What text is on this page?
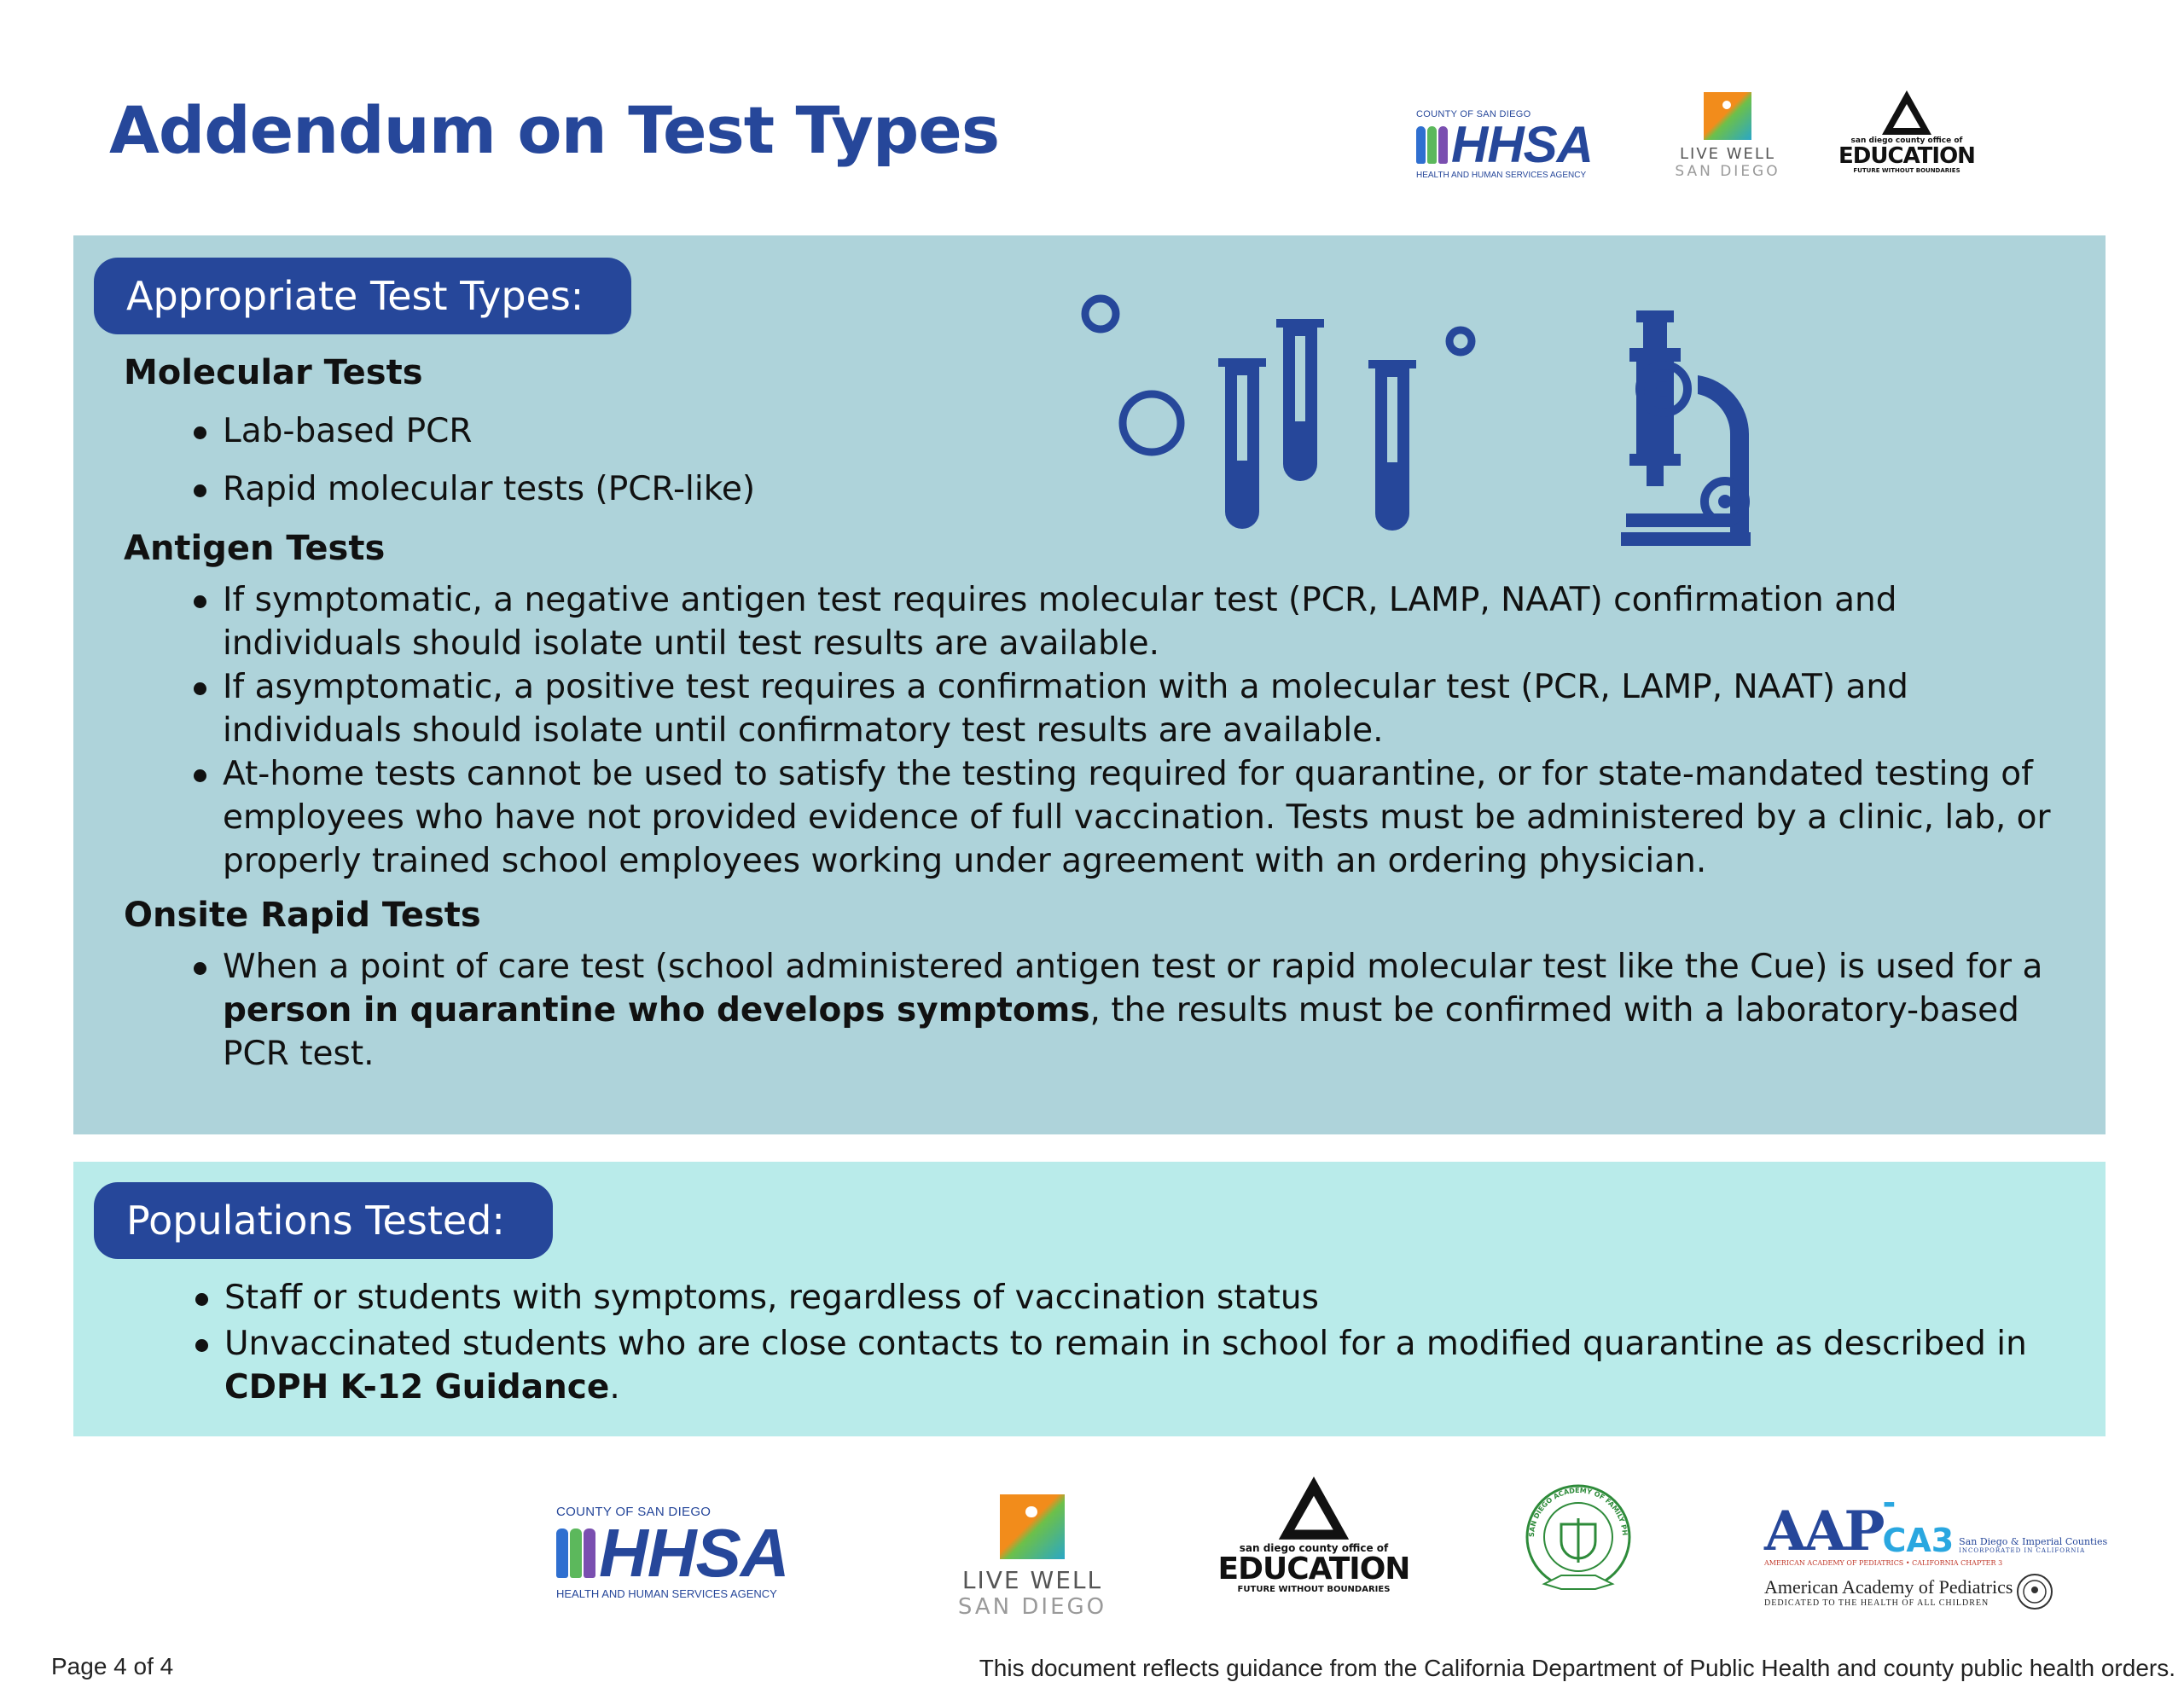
Addendum on Test Types	COUNTY OF SAN DIEGO
HHSA
HEALTH AND HUMAN SERVICES AGENCY
LIVE WELL
SAN DIEGO
san diego county office of
EDUCATION
FUTURE WITHOUT BOUNDARIES
Appropriate Test Types:
Molecular Tests
Lab-based PCR
Rapid molecular tests (PCR-like)
Antigen Tests
If symptomatic, a negative antigen test requires molecular test (PCR, LAMP, NAAT) confirmation and individuals should isolate until test results are available.
If asymptomatic, a positive test requires a confirmation with a molecular test (PCR, LAMP, NAAT) and individuals should isolate until confirmatory test results are available.
At-home tests cannot be used to satisfy the testing required for quarantine, or for state-mandated testing of employees who have not provided evidence of full vaccination. Tests must be administered by a clinic, lab, or properly trained school employees working under agreement with an ordering physician.
Onsite Rapid Tests
When a point of care test (school administered antigen test or rapid molecular test like the Cue) is used for a person in quarantine who develops symptoms, the results must be confirmed with a laboratory-based PCR test.
Populations Tested:
Staff or students with symptoms, regardless of vaccination status
Unvaccinated students who are close contacts to remain in school for a modified quarantine as described in CDPH K-12 Guidance.
COUNTY OF SAN DIEGO
HHSA
HEALTH AND HUMAN SERVICES AGENCY	LIVE WELL
SAN DIEGO
san diego county office of
EDUCATION
FUTURE WITHOUT BOUNDARIES
SAN DIEGO ACADEMY OF FAMILY PH AAP -CA3 San Diego & Imperial Counties
INCORPORATED IN CALIFORNIA
AMERICAN ACADEMY OF PEDIATRICS • CALIFORNIA CHAPTER 3
American Academy of Pediatrics
DEDICATED TO THE HEALTH OF ALL CHILDREN
Page 4 of 4	This document reflects guidance from the California Department of Public Health and county public health orders.
